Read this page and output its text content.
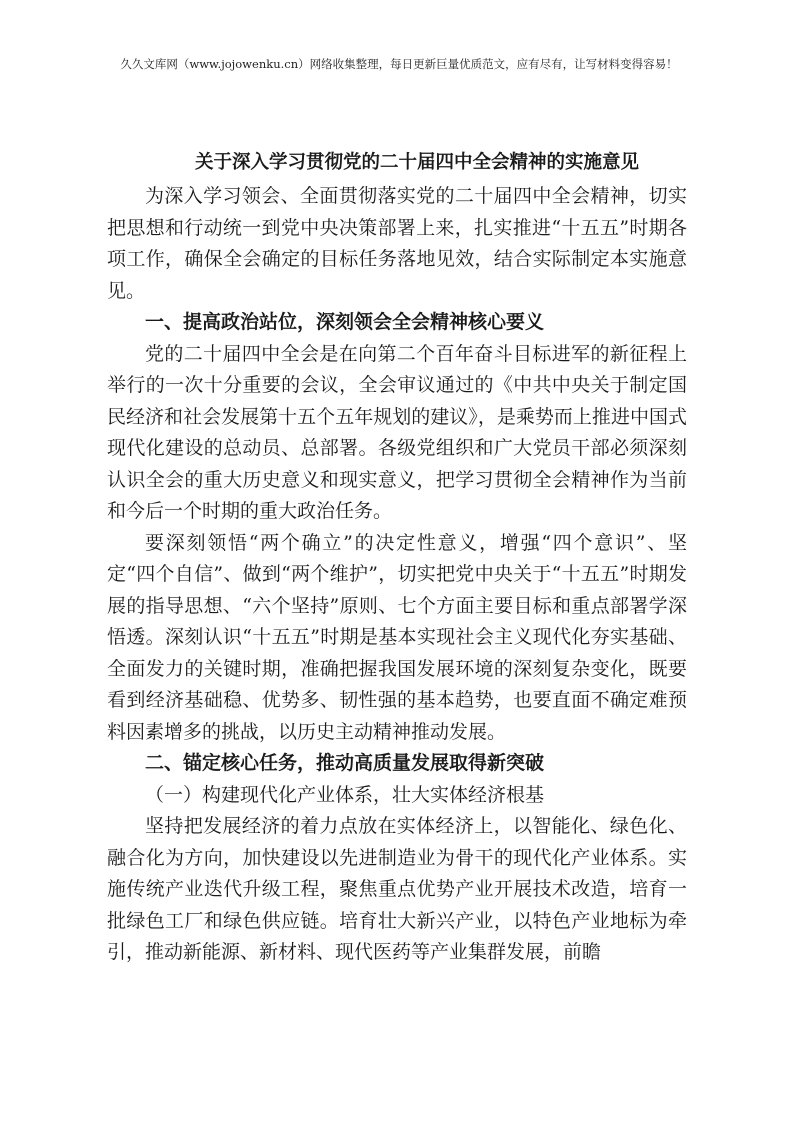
久久文库网（www.jojowenku.cn）网络收集整理，每日更新巨量优质范文，应有尽有，让写材料变得容易！
关于深入学习贯彻党的二十届四中全会精神的实施意见

为深入学习领会、全面贯彻落实党的二十届四中全会精神，切实把思想和行动统一到党中央决策部署上来，扎实推进“十五五”时期各项工作，确保全会确定的目标任务落地见效，结合实际制定本实施意见。

一、提高政治站位，深刻领会全会精神核心要义

党的二十届四中全会是在向第二个百年奋斗目标进军的新征程上举行的一次十分重要的会议，全会审议通过的《中共中央关于制定国民经济和社会发展第十五个五年规划的建议》，是乘势而上推进中国式现代化建设的总动员、总部署。各级党组织和广大党员干部必须深刻认识全会的重大历史意义和现实意义，把学习贯彻全会精神作为当前和今后一个时期的重大政治任务。

要深刻领悟“两个确立”的决定性意义，增强“四个意识”、坚定“四个自信”、做到“两个维护”，切实把党中央关于“十五五”时期发展的指导思想、“六个坚持”原则、七个方面主要目标和重点部署学深悟透。深刻认识“十五五”时期是基本实现社会主义现代化夯实基础、全面发力的关键时期，准确把握我国发展环境的深刻复杂变化，既要看到经济基础稳、优势多、韧性强的基本趋势，也要直面不确定难预料因素增多的挑战，以历史主动精神推动发展。

二、锚定核心任务，推动高质量发展取得新突破

（一）构建现代化产业体系，壮大实体经济根基

坚持把发展经济的着力点放在实体经济上，以智能化、绿色化、融合化为方向，加快建设以先进制造业为骨干的现代化产业体系。实施传统产业迭代升级工程，聚焦重点优势产业开展技术改造，培育一批绿色工厂和绿色供应链。培育壮大新兴产业，以特色产业地标为牵引，推动新能源、新材料、现代医药等产业集群发展，前瞻
